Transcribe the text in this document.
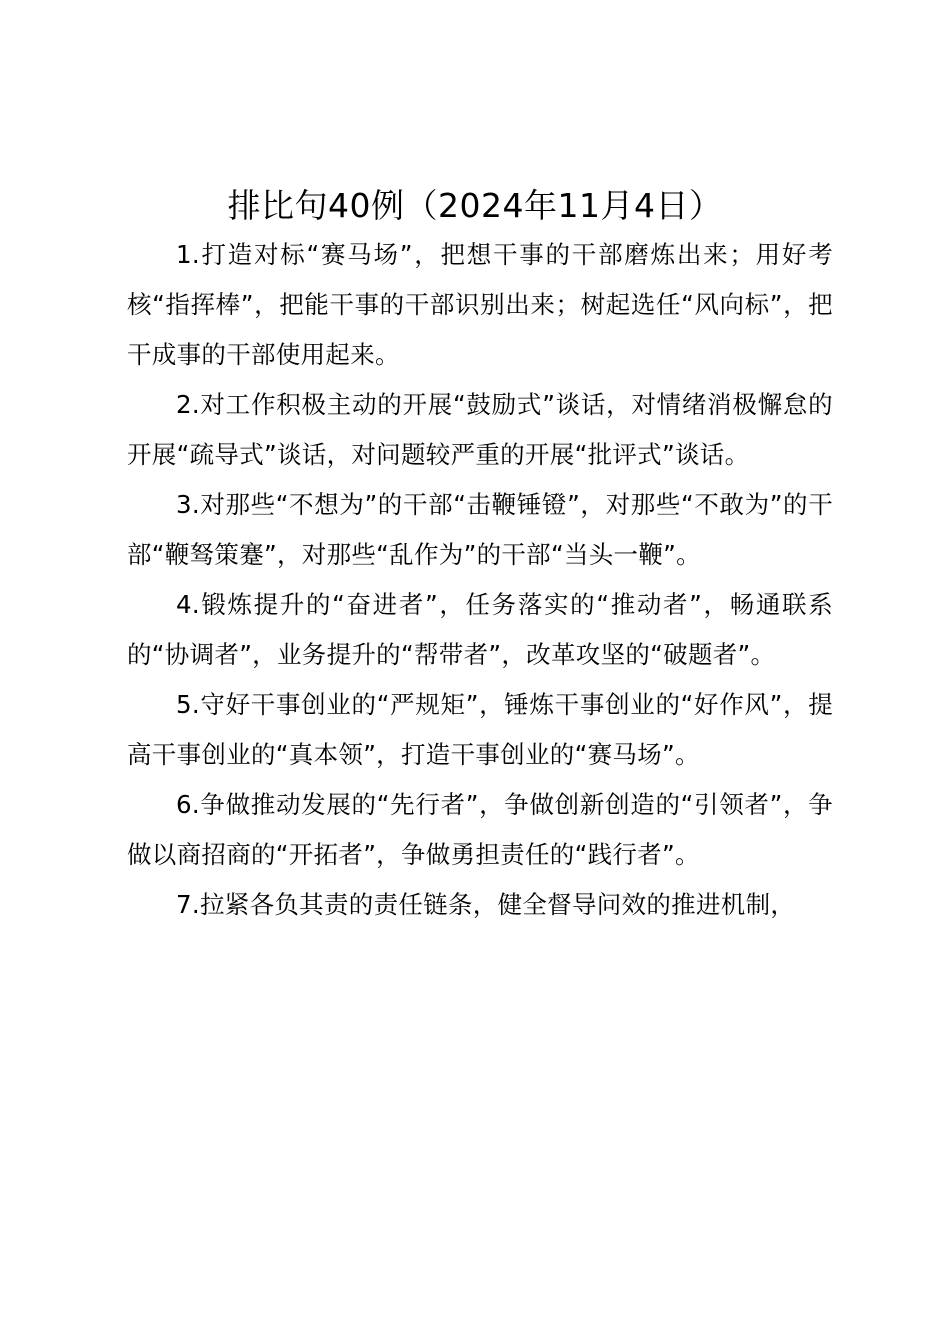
排比句40例（2024年11月4日）

1.打造对标“赛马场”，把想干事的干部磨炼出来；用好考核“指挥棒”，把能干事的干部识别出来；树起选任“风向标”，把干成事的干部使用起来。

2.对工作积极主动的开展“鼓励式”谈话，对情绪消极懈怠的开展“疏导式”谈话，对问题较严重的开展“批评式”谈话。

3.对那些“不想为”的干部“击鞭锤镫”，对那些“不敢为”的干部“鞭驽策蹇”，对那些“乱作为”的干部“当头一鞭”。

4.锻炼提升的“奋进者”，任务落实的“推动者”，畅通联系的“协调者”，业务提升的“帮带者”，改革攻坚的“破题者”。

5.守好干事创业的“严规矩”，锤炼干事创业的“好作风”，提高干事创业的“真本领”，打造干事创业的“赛马场”。

6.争做推动发展的“先行者”，争做创新创造的“引领者”，争做以商招商的“开拓者”，争做勇担责任的“践行者”。

7.拉紧各负其责的责任链条，健全督导问效的推进机制，
